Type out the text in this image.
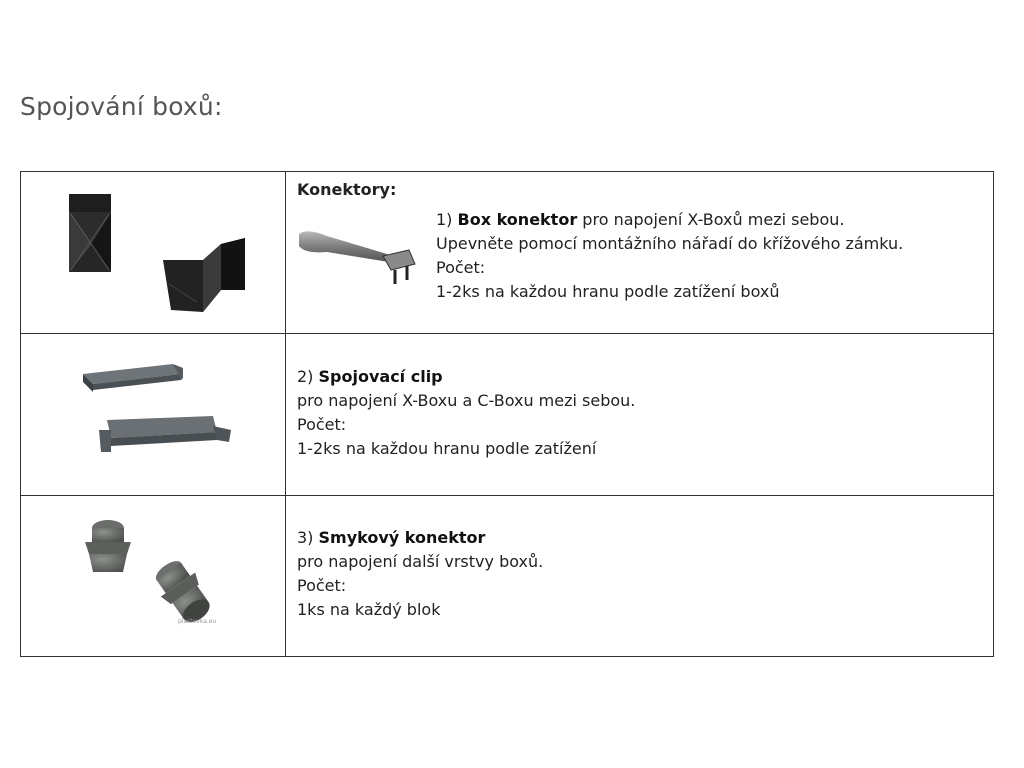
Spojování boxů:

Konektory:
1) Box konektor pro napojení X-Boxů mezi sebou.
Upevněte pomocí montážního nářadí do křížového zámku.
Počet:
1-2ks na každou hranu podle zatížení boxů

2) Spojovací clip
pro napojení X-Boxu a C-Boxu mezi sebou.
Počet:
1-2ks na každou hranu podle zatížení

3) Smykový konektor
pro napojení další vrstvy boxů.
Počet:
1ks na každý blok
plastovka.eu
